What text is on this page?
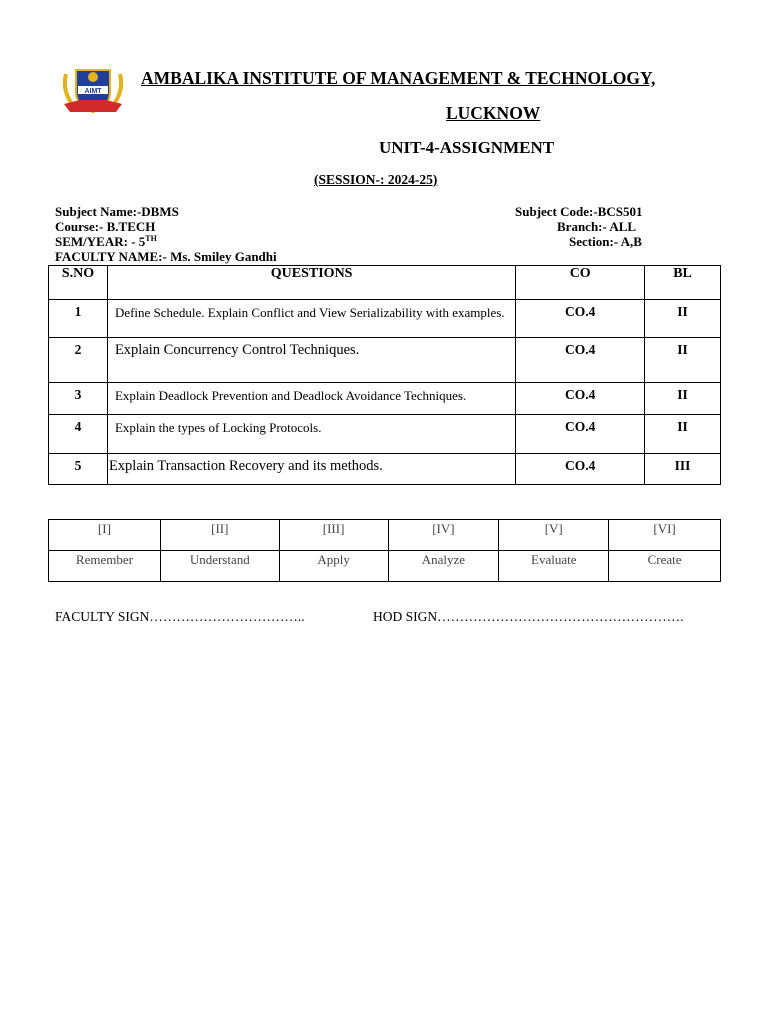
AIMT
AMBALIKA INSTITUTE OF MANAGEMENT & TECHNOLOGY,
LUCKNOW
UNIT-4-ASSIGNMENT
(SESSION-: 2024-25)
Subject Name:-DBMS
Course:- B.TECH
SEM/YEAR: - 5TH
FACULTY NAME:- Ms. Smiley Gandhi
Subject Code:-BCS501
Branch:- ALL
Section:- A,B
S.NO	QUESTIONS	CO	BL
1	Define Schedule. Explain Conflict and View Serializability with examples.	CO.4	II
2	Explain Concurrency Control Techniques.	CO.4	II
3	Explain Deadlock Prevention and Deadlock Avoidance Techniques.	CO.4	II
4	Explain the types of Locking Protocols.	CO.4	II
5	Explain Transaction Recovery and its methods.	CO.4	III
[I]	[II]	[III]	[IV]	[V]	[VI]
Remember	Understand	Apply	Analyze	Evaluate	Create
FACULTY SIGN……………………………..	HOD SIGN……………………………………………….
